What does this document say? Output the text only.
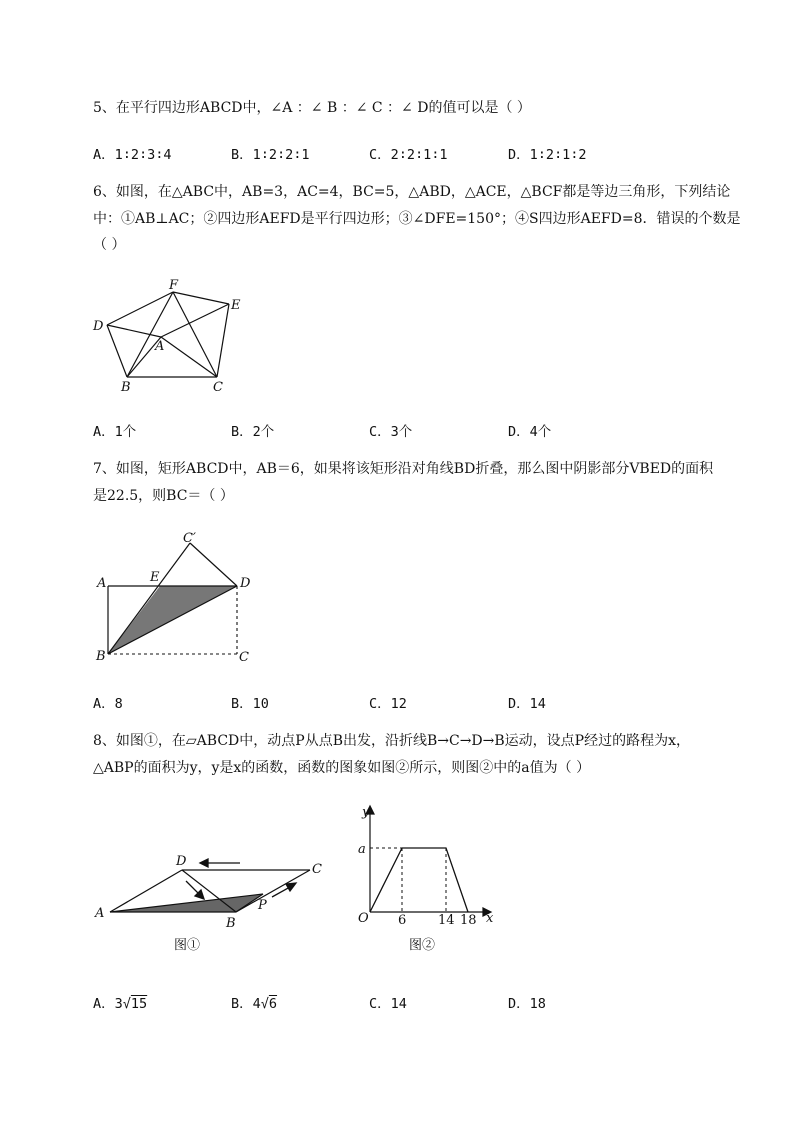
5、在平行四边形ABCD中，∠A ：∠ B ：∠ C ：∠ D的值可以是（ ）
A．1∶2∶3∶4	B．1∶2∶2∶1	C．2∶2∶1∶1	D．1∶2∶1∶2
6、如图，在△ABC中，AB=3，AC=4，BC=5，△ABD，△ACE，△BCF都是等边三角形，下列结论
中：①AB⊥AC；②四边形AEFD是平行四边形；③∠DFE=150°；④S四边形AEFD=8．错误的个数是
（ ）
D
F
E
A
B	C
A．1个	B．2个	C．3个	D．4个
7、如图，矩形ABCD中，AB＝6，如果将该矩形沿对角线BD折叠，那么图中阴影部分VBED的面积
是22.5，则BC＝（ ）
A	E	D
C′
B	C
A．8	B．10	C．12	D．14
8、如图①，在▱ABCD中，动点P从点B出发，沿折线B→C→D→B运动，设点P经过的路程为x，
△ABP的面积为y，y是x的函数，函数的图象如图②所示，则图②中的a值为（ ）
A
D
C
B
P
图①
y
x
a
O 6 14 18
图②
A．3√15	B．4√6	C．14	D．18
